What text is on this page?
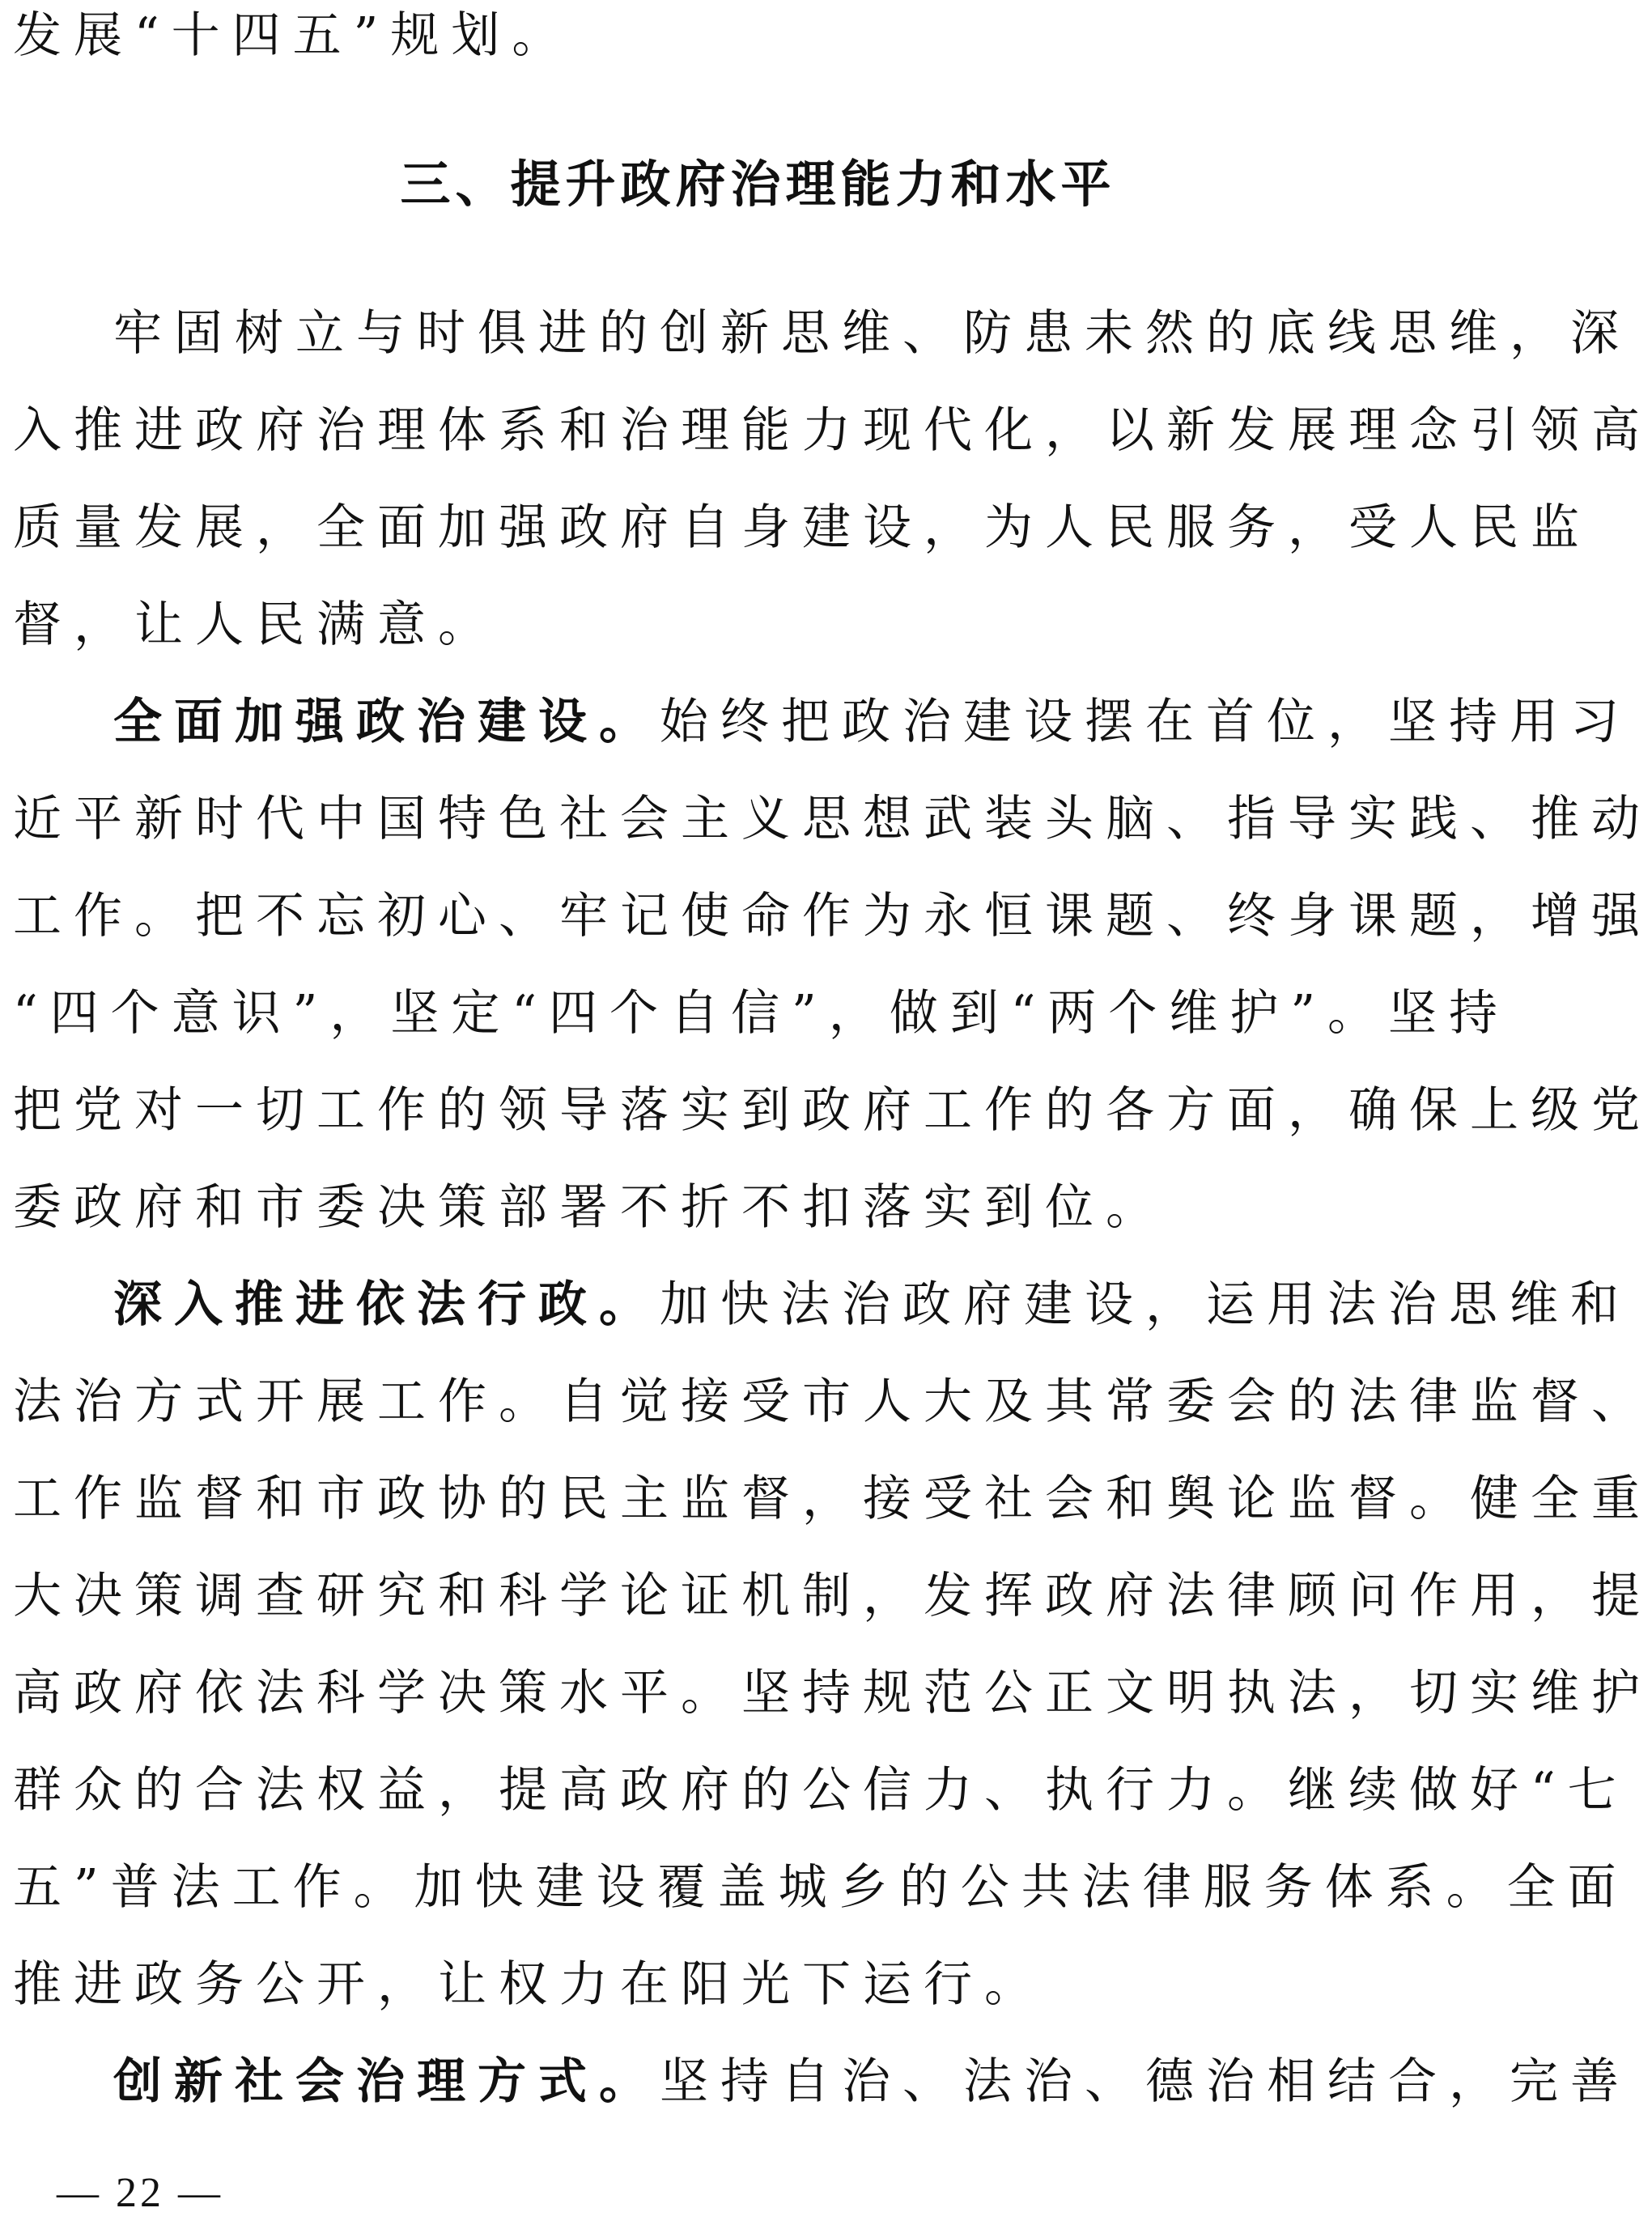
发展“十四五”规划。
三、提升政府治理能力和水平
牢固树立与时俱进的创新思维、防患未然的底线思维，深
入推进政府治理体系和治理能力现代化，以新发展理念引领高
质量发展，全面加强政府自身建设，为人民服务，受人民监
督，让人民满意。
全面加强政治建设。始终把政治建设摆在首位，坚持用习
近平新时代中国特色社会主义思想武装头脑、指导实践、推动
工作。把不忘初心、牢记使命作为永恒课题、终身课题，增强
“四个意识”，坚定“四个自信”，做到“两个维护”。坚持
把党对一切工作的领导落实到政府工作的各方面，确保上级党
委政府和市委决策部署不折不扣落实到位。
深入推进依法行政。加快法治政府建设，运用法治思维和
法治方式开展工作。自觉接受市人大及其常委会的法律监督、
工作监督和市政协的民主监督，接受社会和舆论监督。健全重
大决策调查研究和科学论证机制，发挥政府法律顾问作用，提
高政府依法科学决策水平。坚持规范公正文明执法，切实维护
群众的合法权益，提高政府的公信力、执行力。继续做好“七
五”普法工作。加快建设覆盖城乡的公共法律服务体系。全面
推进政务公开，让权力在阳光下运行。
创新社会治理方式。坚持自治、法治、德治相结合，完善
— 22 —
